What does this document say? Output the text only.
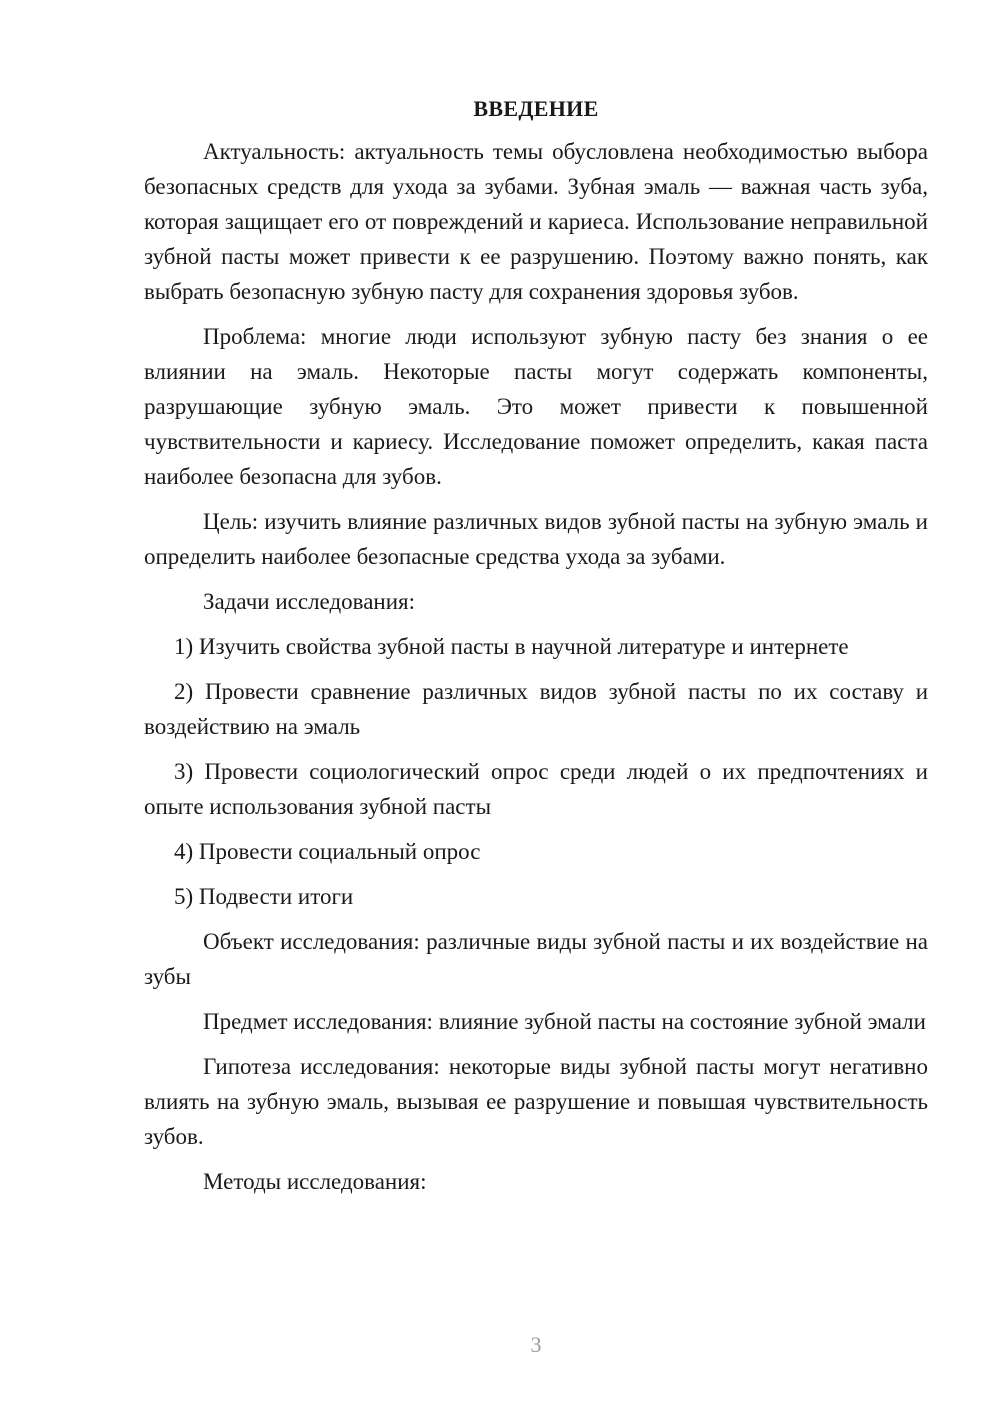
ВВЕДЕНИЕ

Актуальность: актуальность темы обусловлена необходимостью выбора безопасных средств для ухода за зубами. Зубная эмаль — важная часть зуба, которая защищает его от повреждений и кариеса. Использование неправильной зубной пасты может привести к ее разрушению. Поэтому важно понять, как выбрать безопасную зубную пасту для сохранения здоровья зубов.

Проблема: многие люди используют зубную пасту без знания о ее влиянии на эмаль. Некоторые пасты могут содержать компоненты, разрушающие зубную эмаль. Это может привести к повышенной чувствительности и кариесу. Исследование поможет определить, какая паста наиболее безопасна для зубов.

Цель: изучить влияние различных видов зубной пасты на зубную эмаль и определить наиболее безопасные средства ухода за зубами.

Задачи исследования:

1) Изучить свойства зубной пасты в научной литературе и интернете

2) Провести сравнение различных видов зубной пасты по их составу и воздействию на эмаль

3) Провести социологический опрос среди людей о их предпочтениях и опыте использования зубной пасты

4) Провести социальный опрос

5) Подвести итоги

Объект исследования: различные виды зубной пасты и их воздействие на зубы

Предмет исследования: влияние зубной пасты на состояние зубной эмали

Гипотеза исследования: некоторые виды зубной пасты могут негативно влиять на зубную эмаль, вызывая ее разрушение и повышая чувствительность зубов.

Методы исследования:

3
